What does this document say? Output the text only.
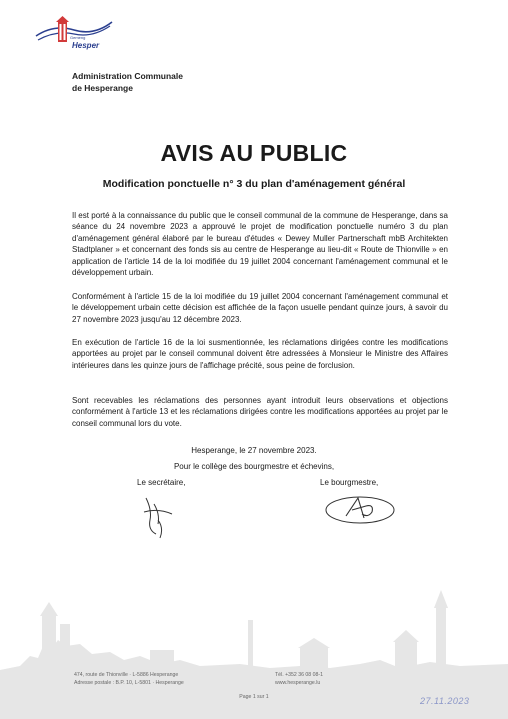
Gemeng
Hesper
Administration Communale
de Hesperange
AVIS AU PUBLIC
Modification ponctuelle n° 3 du plan d'aménagement général
Il est porté à la connaissance du public que le conseil communal de la commune de Hesperange, dans sa séance du 24 novembre 2023 a approuvé le projet de modification ponctuelle numéro 3 du plan d'aménagement général élaboré par le bureau d'études « Dewey Muller Partnerschaft mbB Architekten Stadtplaner » et concernant des fonds sis au centre de Hesperange au lieu-dit « Route de Thionville » en application de l'article 14 de la loi modifiée du 19 juillet 2004 concernant l'aménagement communal et le développement urbain.
Conformément à l'article 15 de la loi modifiée du 19 juillet 2004 concernant l'aménagement communal et le développement urbain cette décision est affichée de la façon usuelle pendant quinze jours, à savoir du 27 novembre 2023 jusqu'au 12 décembre 2023.
En exécution de l'article 16 de la loi susmentionnée, les réclamations dirigées contre les modifications apportées au projet par le conseil communal doivent être adressées à Monsieur le Ministre des Affaires intérieures dans les quinze jours de l'affichage précité, sous peine de forclusion.
Sont recevables les réclamations des personnes ayant introduit leurs observations et objections conformément à l'article 13 et les réclamations dirigées contre les modifications apportées au projet par le conseil communal lors du vote.
Hesperange, le 27 novembre 2023.
Pour le collège des bourgmestre et échevins,
Le secrétaire,	Le bourgmestre,
474, route de Thionville · L-5886 Hesperange
Adresse postale : B.P. 10, L-5801 · Hesperange
Tél. +352 36 08 08-1
www.hesperange.lu
Page 1 sur 1	27.11.2023
